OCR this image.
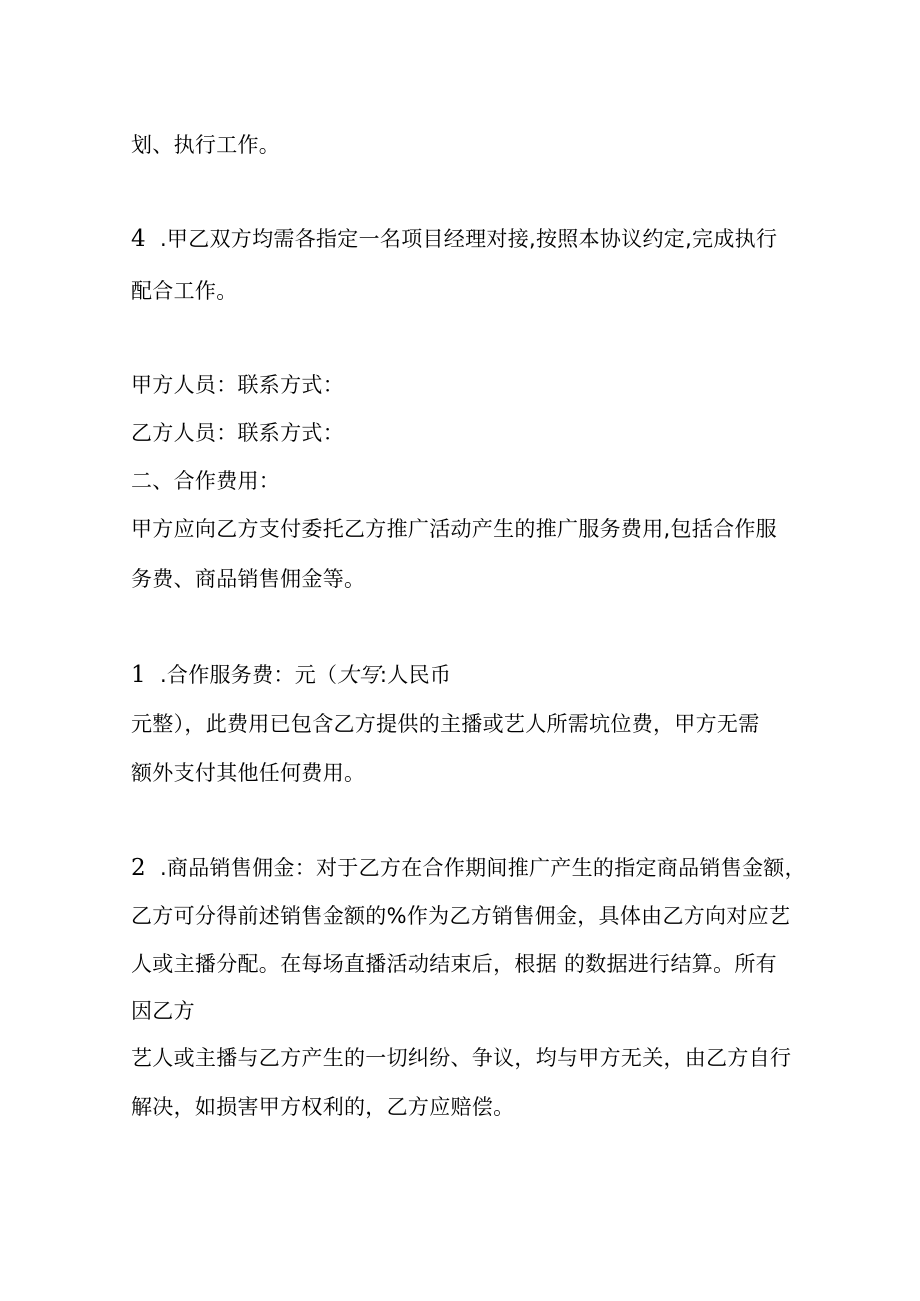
划、执行工作。
4 .甲乙双方均需各指定一名项目经理对接,按照本协议约定,完成执行
配合工作。
甲方人员：联系方式：
乙方人员：联系方式：
二、合作费用：
甲方应向乙方支付委托乙方推广活动产生的推广服务费用,包括合作服
务费、商品销售佣金等。
1 .合作服务费：元（大写:人民币
元整），此费用已包含乙方提供的主播或艺人所需坑位费，甲方无需
额外支付其他任何费用。
2 .商品销售佣金：对于乙方在合作期间推广产生的指定商品销售金额，
乙方可分得前述销售金额的%作为乙方销售佣金，具体由乙方向对应艺
人或主播分配。在每场直播活动结束后，根据 的数据进行结算。所有
因乙方
艺人或主播与乙方产生的一切纠纷、争议，均与甲方无关，由乙方自行
解决，如损害甲方权利的，乙方应赔偿。
